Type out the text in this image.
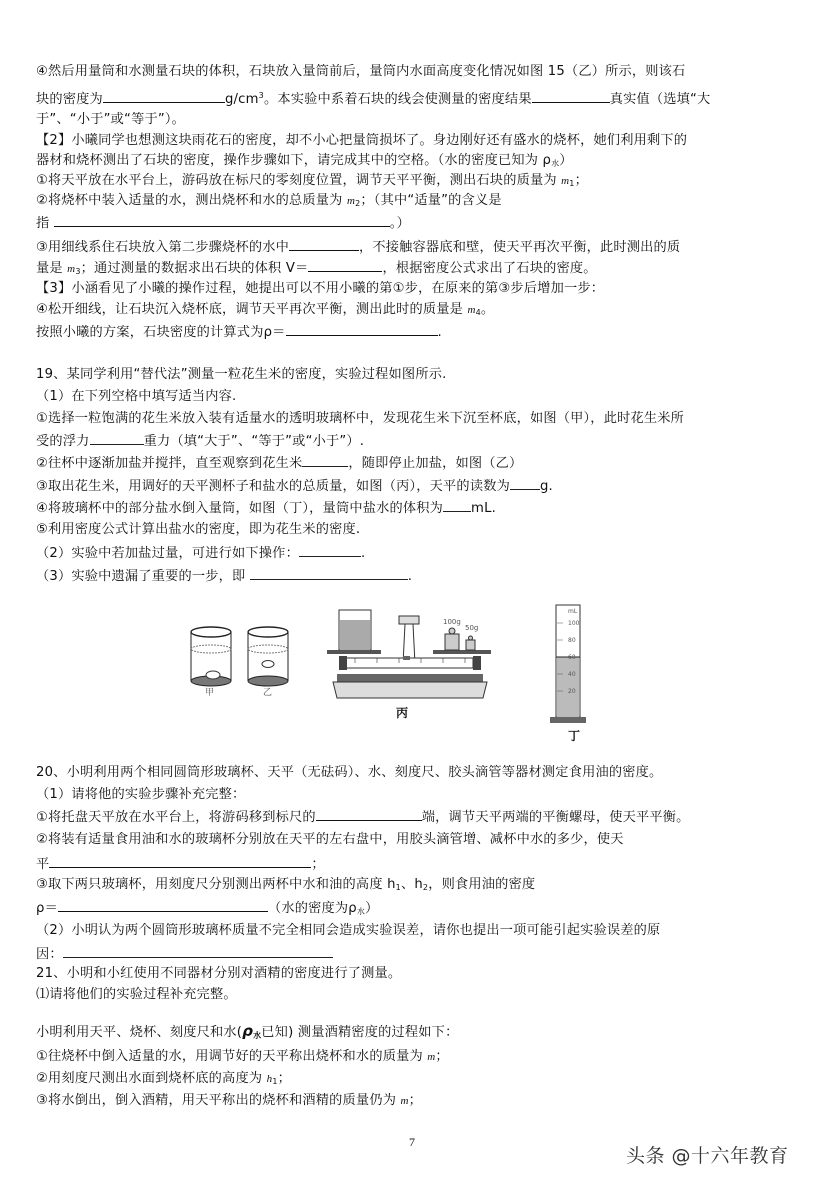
④然后用量筒和水测量石块的体积，石块放入量筒前后，量筒内水面高度变化情况如图 15（乙）所示，则该石
块的密度为	$g/cm^3$。本实验中系着石块的线会使测量的密度结果	真实值（选填“大
于”、“小于”或“等于”）。
【2】小曦同学也想测这块雨花石的密度，却不小心把量筒损坏了。身边刚好还有盛水的烧杯，她们利用剩下的
器材和烧杯测出了石块的密度，操作步骤如下，请完成其中的空格。（水的密度已知为 $\rho_水$）
①将天平放在水平台上，游码放在标尺的零刻度位置，调节天平平衡，测出石块的质量为 $m_1$；
②将烧杯中装入适量的水，测出烧杯和水的总质量为 $m_2$；（其中“适量”的含义是
指	。）
③用细线系住石块放入第二步骤烧杯的水中	，不接触容器底和壁，使天平再次平衡，此时测出的质
量是 $m_3$；通过测量的数据求出石块的体积 V＝	，根据密度公式求出了石块的密度。
【3】小涵看见了小曦的操作过程，她提出可以不用小曦的第①步，在原来的第③步后增加一步：
④松开细线，让石块沉入烧杯底，调节天平再次平衡，测出此时的质量是 $m_4$。
按照小曦的方案，石块密度的计算式为ρ＝	.
19、某同学利用“替代法”测量一粒花生米的密度，实验过程如图所示.
（1）在下列空格中填写适当内容.
①选择一粒饱满的花生米放入装有适量水的透明玻璃杯中，发现花生米下沉至杯底，如图（甲），此时花生米所
受的浮力	重力（填“大于”、“等于”或“小于”）.
②往杯中逐渐加盐并搅拌，直至观察到花生米	，随即停止加盐，如图（乙）
③取出花生米，用调好的天平测杯子和盐水的总质量，如图（丙），天平的读数为 g.
④将玻璃杯中的部分盐水倒入量筒，如图（丁），量筒中盐水的体积为 mL.
⑤利用密度公式计算出盐水的密度，即为花生米的密度.
（2）实验中若加盐过量，可进行如下操作：	.
（3）实验中遗漏了重要的一步，即	.
甲	乙
100g
50g
丙
mL
100
80
60
40
20
丁
20、小明利用两个相同圆筒形玻璃杯、天平（无砝码）、水、刻度尺、胶头滴管等器材测定食用油的密度。
（1）请将他的实验步骤补充完整：
①将托盘天平放在水平台上，将游码移到标尺的	端，调节天平两端的平衡螺母，使天平平衡。
②将装有适量食用油和水的玻璃杯分别放在天平的左右盘中，用胶头滴管增、减杯中水的多少，使天
平	；
③取下两只玻璃杯，用刻度尺分别测出两杯中水和油的高度 $h_1$、$h_2$，则食用油的密度
ρ＝	（水的密度为$\rho_水$）
（2）小明认为两个圆筒形玻璃杯质量不完全相同会造成实验误差，请你也提出一项可能引起实验误差的原
因：
21、小明和小红使用不同器材分别对酒精的密度进行了测量。
⑴请将他们的实验过程补充完整。
小明利用天平、烧杯、刻度尺和水($\rho_水$已知) 测量酒精密度的过程如下：
①往烧杯中倒入适量的水，用调节好的天平称出烧杯和水的质量为 m；
②用刻度尺测出水面到烧杯底的高度为 $h_1$；
③将水倒出，倒入酒精，用天平称出的烧杯和酒精的质量仍为 m；
7
头条 @十六年教育
